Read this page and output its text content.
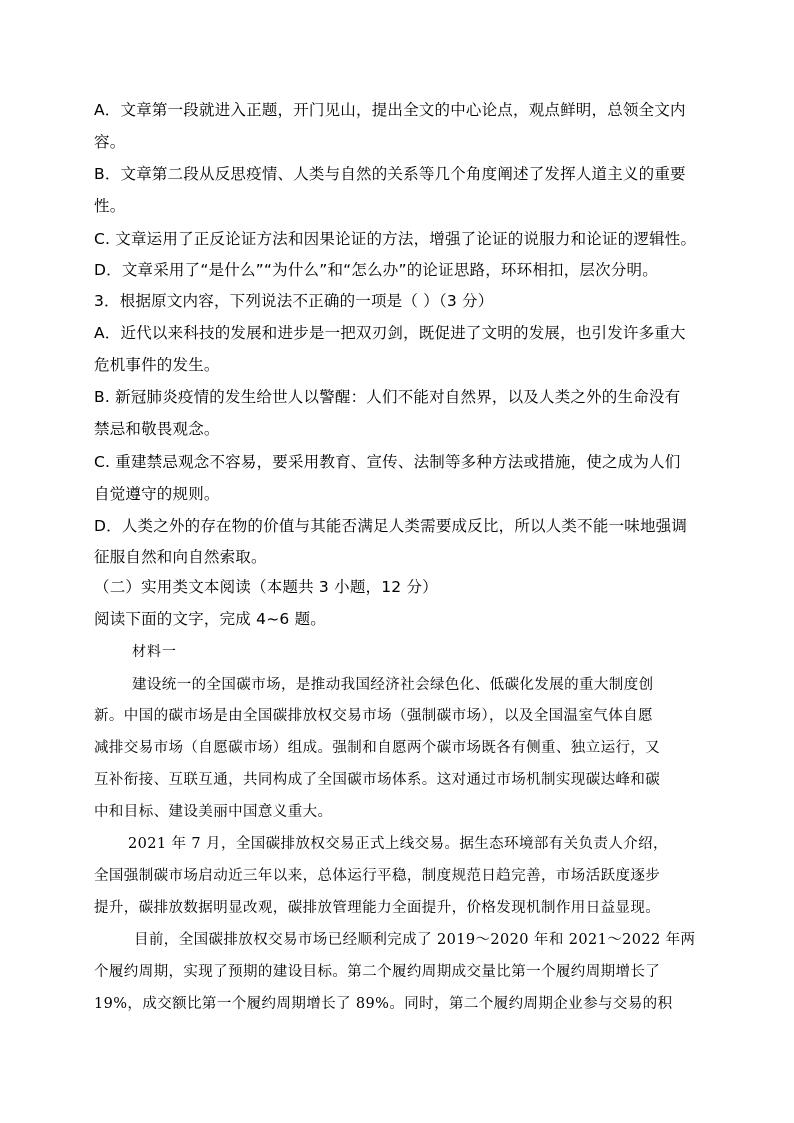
A．文章第一段就进入正题，开门见山，提出全文的中心论点，观点鲜明，总领全文内
容。
B．文章第二段从反思疫情、人类与自然的关系等几个角度阐述了发挥人道主义的重要
性。
C. 文章运用了正反论证方法和因果论证的方法，增强了论证的说服力和论证的逻辑性。
D．文章采用了“是什么”“为什么”和“怎么办”的论证思路，环环相扣，层次分明。
3．根据原文内容，下列说法不正确的一项是（ ）（3 分）
A．近代以来科技的发展和进步是一把双刃剑，既促进了文明的发展，也引发许多重大
危机事件的发生。
B. 新冠肺炎疫情的发生给世人以警醒：人们不能对自然界，以及人类之外的生命没有
禁忌和敬畏观念。
C. 重建禁忌观念不容易，要采用教育、宣传、法制等多种方法或措施，使之成为人们
自觉遵守的规则。
D．人类之外的存在物的价值与其能否满足人类需要成反比，所以人类不能一味地强调
征服自然和向自然索取。
（二）实用类文本阅读（本题共 3 小题，12 分）
阅读下面的文字，完成 4~6 题。
材料一
建设统一的全国碳市场，是推动我国经济社会绿色化、低碳化发展的重大制度创
新。中国的碳市场是由全国碳排放权交易市场（强制碳市场），以及全国温室气体自愿
减排交易市场（自愿碳市场）组成。强制和自愿两个碳市场既各有侧重、独立运行，又
互补衔接、互联互通，共同构成了全国碳市场体系。这对通过市场机制实现碳达峰和碳
中和目标、建设美丽中国意义重大。
2021 年 7 月，全国碳排放权交易正式上线交易。据生态环境部有关负责人介绍，
全国强制碳市场启动近三年以来，总体运行平稳，制度规范日趋完善，市场活跃度逐步
提升，碳排放数据明显改观，碳排放管理能力全面提升，价格发现机制作用日益显现。
目前，全国碳排放权交易市场已经顺利完成了 2019～2020 年和 2021～2022 年两
个履约周期，实现了预期的建设目标。第二个履约周期成交量比第一个履约周期增长了
19%，成交额比第一个履约周期增长了 89%。同时，第二个履约周期企业参与交易的积
